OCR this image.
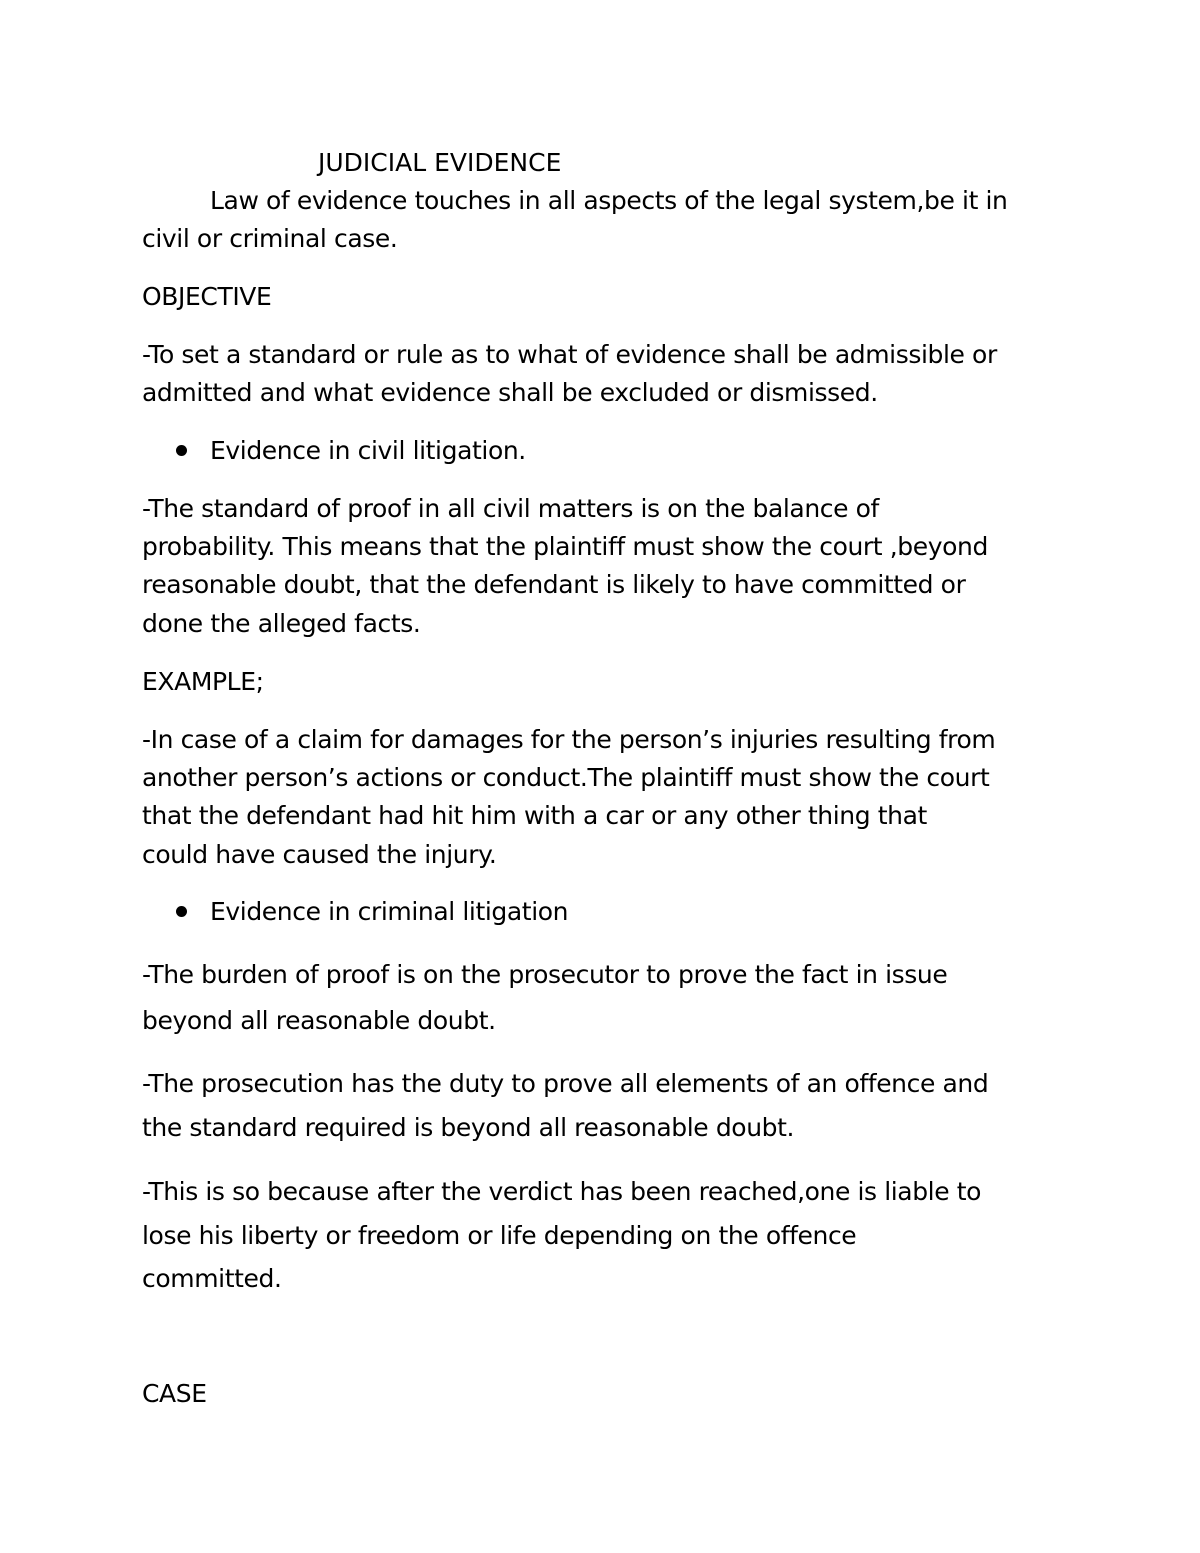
JUDICIAL EVIDENCE
Law of evidence touches in all aspects of the legal system,be it in
civil or criminal case.
OBJECTIVE
-To set a standard or rule as to what of evidence shall be admissible or
admitted and what evidence shall be excluded or dismissed.
Evidence in civil litigation.
-The standard of proof in all civil matters is on the balance of
probability. This means that the plaintiff must show the court ,beyond
reasonable doubt, that the defendant is likely to have committed or
done the alleged facts.
EXAMPLE;
-In case of a claim for damages for the person’s injuries resulting from
another person’s actions or conduct.The plaintiff must show the court
that the defendant had hit him with a car or any other thing that
could have caused the injury.
Evidence in criminal litigation
-The burden of proof is on the prosecutor to prove the fact in issue
beyond all reasonable doubt.
-The prosecution has the duty to prove all elements of an offence and
the standard required is beyond all reasonable doubt.
-This is so because after the verdict has been reached,one is liable to
lose his liberty or freedom or life depending on the offence
committed.
CASE
